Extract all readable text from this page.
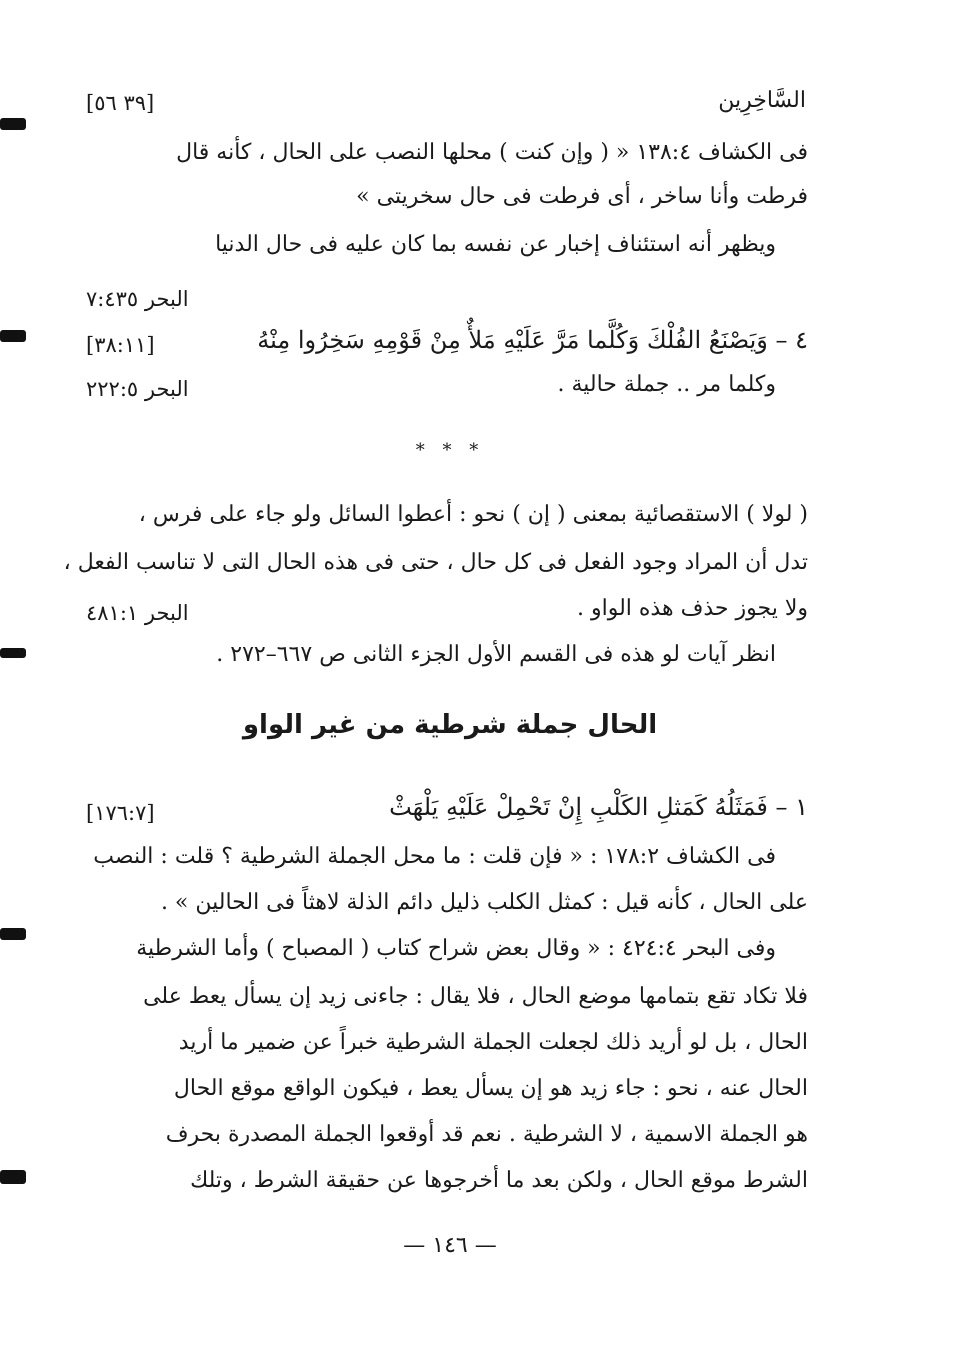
السَّاخِرِين
[٣٩ ٥٦]
فى الكشاف ١٣٨:٤ « ( وإن كنت ) محلها النصب على الحال ، كأنه قال
فرطت وأنا ساخر ، أى فرطت فى حال سخريتى »
ويظهر أنه استئناف إخبار عن نفسه بما كان عليه فى حال الدنيا
البحر ٧:٤٣٥
٤ – وَيَصْنَعُ الفُلْكَ وَكُلَّما مَرَّ عَلَيْهِ مَلأٌ مِنْ قَوْمِهِ سَخِرُوا مِنْهُ
[٣٨:١١]
وكلما مر .. جملة حالية .
البحر ٢٢٢:٥
* * *
( لولا ) الاستقصائية بمعنى ( إن ) نحو : أعطوا السائل ولو جاء على فرس ،
تدل أن المراد وجود الفعل فى كل حال ، حتى فى هذه الحال التى لا تناسب الفعل ،
ولا يجوز حذف هذه الواو .
البحر ٤٨١:١
انظر آيات لو هذه فى القسم الأول الجزء الثانى ص ٦٦٧–٢٧٢ .
الحال جملة شرطية من غير الواو
١ – فَمَثَلُهُ كَمَثلِ الكَلْبِ إِنْ تَحْمِلْ عَلَيْهِ يَلْهَثْ
[١٧٦:٧]
فى الكشاف ١٧٨:٢ : « فإن قلت : ما محل الجملة الشرطية ؟ قلت : النصب
على الحال ، كأنه قيل : كمثل الكلب ذليل دائم الذلة لاهثاً فى الحالين » .
وفى البحر ٤٢٤:٤ : « وقال بعض شراح كتاب ( المصباح ) وأما الشرطية
فلا تكاد تقع بتمامها موضع الحال ، فلا يقال : جاءنى زيد إن يسأل يعط على
الحال ، بل لو أريد ذلك لجعلت الجملة الشرطية خبراً عن ضمير ما أريد
الحال عنه ، نحو : جاء زيد هو إن يسأل يعط ، فيكون الواقع موقع الحال
هو الجملة الاسمية ، لا الشرطية . نعم قد أوقعوا الجملة المصدرة بحرف
الشرط موقع الحال ، ولكن بعد ما أخرجوها عن حقيقة الشرط ، وتلك
— ١٤٦ —
